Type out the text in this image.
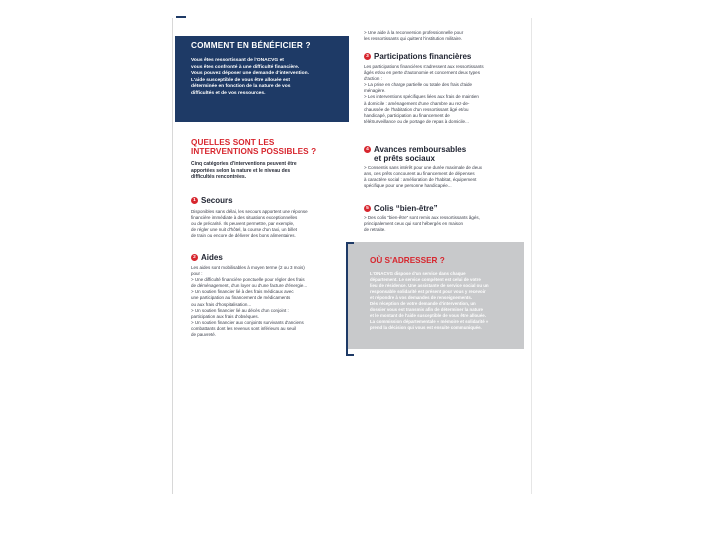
COMMENT EN BÉNÉFICIER ?
Vous êtes ressortissant de l'ONACVG et
vous êtes confronté à une difficulté financière.
Vous pouvez déposer une demande d'intervention.
L'aide susceptible de vous être allouée est
déterminée en fonction de la nature de vos
difficultés et de vos ressources.
QUELLES SONT LES
INTERVENTIONS POSSIBLES ?
Cinq catégories d'interventions peuvent être
apportées selon la nature et le niveau des
difficultés rencontrées.
1 Secours

Disponibles sans délai, les secours apportent une réponse

financière immédiate à des situations exceptionnelles

ou de précarité. Ils peuvent permettre, par exemple,

de régler une nuit d'hôtel, la course d'un taxi, un billet

de train ou encore de délivrer des bons alimentaires.

2 Aides

Les aides sont mobilisables à moyen terme (2 ou 3 mois)

pour :

> Une difficulté financière ponctuelle pour régler des frais

de déménagement, d'un loyer ou d'une facture d'énergie...

> Un soutien financier lié à des frais médicaux avec

une participation au financement de médicaments

ou aux frais d'hospitalisation...

> Un soutien financier lié au décès d'un conjoint :

participation aux frais d'obsèques.

> Un soutien financier aux conjoints survivants d'anciens

combattants dont les revenus sont inférieurs au seuil

de pauvreté.

> Une aide à la reconversion professionnelle pour

les ressortissants qui quittent l'institution militaire.

3 Participations financières

Les participations financières s'adressent aux ressortissants

âgés et/ou en perte d'autonomie et concernent deux types

d'action :

> La prise en charge partielle ou totale des frais d'aide

ménagère.

> Les interventions spécifiques liées aux frais de maintien

à domicile : aménagement d'une chambre au rez-de-

chaussée de l'habitation d'un ressortissant âgé et/ou

handicapé, participation au financement de

téléSurveillance ou de portage de repas à domicile...

4 Avances remboursables
et prêts sociaux

> Consentis sans intérêt pour une durée maximale de deux

ans, ces prêts concourent au financement de dépenses

à caractère social : amélioration de l'habitat, équipement

spécifique pour une personne handicapée...

5 Colis “bien-être”

> Des colis “bien-être” sont remis aux ressortissants âgés,

principalement ceux qui sont hébergés en maison

de retraite.

OÙ S'ADRESSER ?
L'ONACVG dispose d'un service dans chaque
département. Le service compétent est celui de votre
lieu de résidence. Une assistante de service social ou un
responsable solidarité est présent pour vous y recevoir
et répondre à vos demandes de renseignements.
Dès réception de votre demande d'intervention, un
dossier vous est transmis afin de déterminer la nature
et le montant de l'aide susceptible de vous être allouée.
La commission départementale « mémoire et solidarité »
prend la décision qui vous est ensuite communiquée.
